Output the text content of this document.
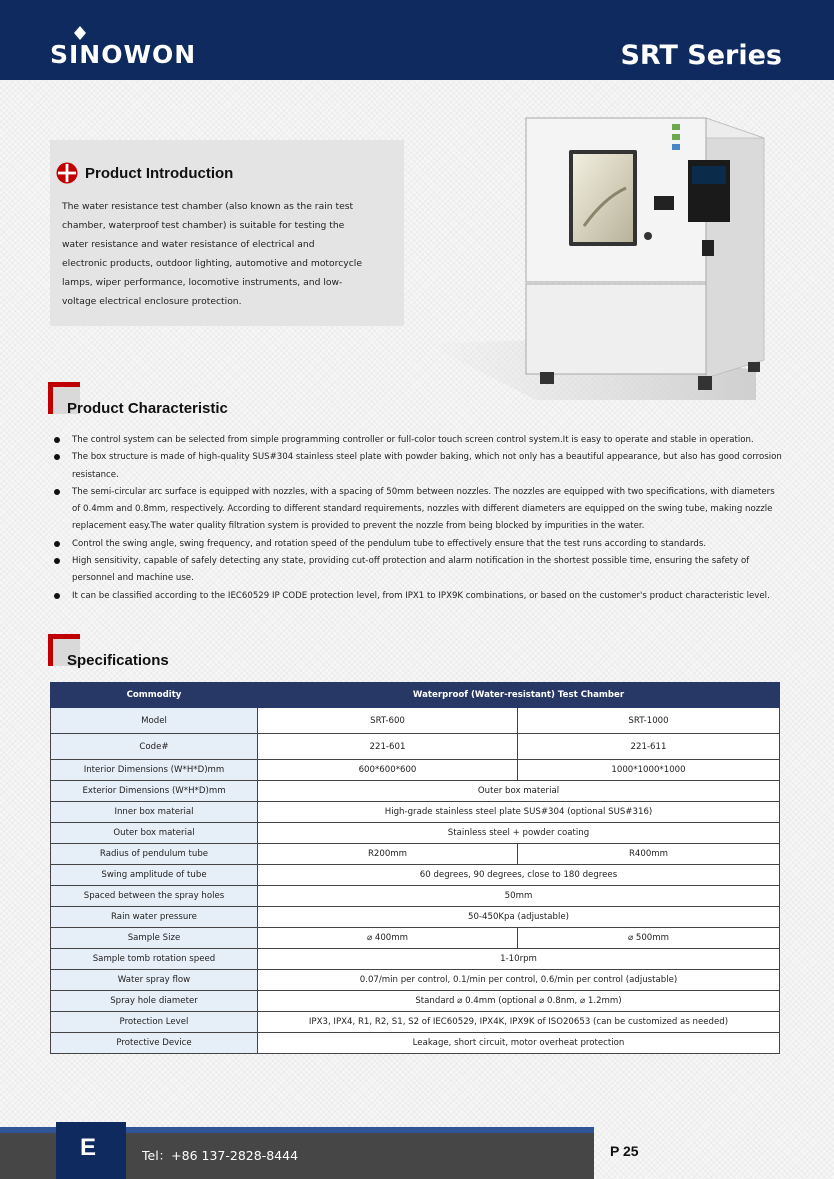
SINOWON	SRT Series
Product Introduction
The water resistance test chamber (also known as the rain test chamber, waterproof test chamber) is suitable for testing the water resistance and water resistance of electrical and electronic products, outdoor lighting, automotive and motorcycle lamps, wiper performance, locomotive instruments, and low-voltage electrical enclosure protection.
Product Characteristic
The control system can be selected from simple programming controller or full-color touch screen control system.It is easy to operate and stable in operation.
The box structure is made of high-quality SUS#304 stainless steel plate with powder baking, which not only has a beautiful appearance, but also has good corrosion resistance.
The semi-circular arc surface is equipped with nozzles, with a spacing of 50mm between nozzles. The nozzles are equipped with two specifications, with diameters of 0.4mm and 0.8mm, respectively. According to different standard requirements, nozzles with different diameters are equipped on the swing tube, making nozzle replacement easy.The water quality filtration system is provided to prevent the nozzle from being blocked by impurities in the water.
Control the swing angle, swing frequency, and rotation speed of the pendulum tube to effectively ensure that the test runs according to standards.
High sensitivity, capable of safely detecting any state, providing cut-off protection and alarm notification in the shortest possible time, ensuring the safety of personnel and machine use.
It can be classified according to the IEC60529 IP CODE protection level, from IPX1 to IPX9K combinations, or based on the customer's product characteristic level.
Specifications
Commodity	Waterproof (Water-resistant) Test Chamber	
Model	SRT-600	SRT-1000
Code#	221-601	221-611
Interior Dimensions (W*H*D)mm	600*600*600	1000*1000*1000
Exterior Dimensions (W*H*D)mm	Outer box material	
Inner box material	High-grade stainless steel plate SUS#304 (optional SUS#316)	
Outer box material	Stainless steel + powder coating	
Radius of pendulum tube	R200mm	R400mm
Swing amplitude of tube	60 degrees, 90 degrees, close to 180 degrees	
Spaced between the spray holes	50mm	
Rain water pressure	50-450Kpa (adjustable)	
Sample Size	⌀ 400mm	⌀ 500mm
Sample tomb rotation speed	1-10rpm	
Water spray flow	0.07/min per control, 0.1/min per control, 0.6/min per control (adjustable)	
Spray hole diameter	Standard ⌀ 0.4mm (optional ⌀ 0.8nm, ⌀ 1.2mm)	
Protection Level	IPX3, IPX4, R1, R2, S1, S2 of IEC60529, IPX4K, IPX9K of ISO20653 (can be customized as needed)	
Protective Device	Leakage, short circuit, motor overheat protection	
E	Tel：+86 137-2828-8444	P 25
